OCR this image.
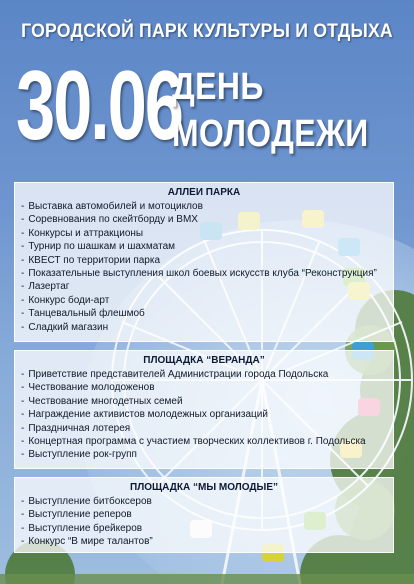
ГОРОДСКОЙ ПАРК КУЛЬТУРЫ И ОТДЫХА
30.06
ДЕНЬ
МОЛОДЕЖИ
АЛЛЕИ ПАРКА
- Выставка автомобилей и мотоциклов
- Соревнования по скейтборду и BMX
- Конкурсы и аттракционы
- Турнир по шашкам и шахматам
- КВЕСТ по территории парка
- Показательные выступления школ боевых искусств клуба “Реконструкция”
- Лазертаг
- Конкурс боди-арт
- Танцевальный флешмоб
- Сладкий магазин
ПЛОЩАДКА “ВЕРАНДА”
- Приветствие представителей Администрации города Подольска
- Чествование молодоженов
- Чествование многодетных семей
- Награждение активистов молодежных организаций
- Праздничная лотерея
- Концертная программа с участием творческих коллективов г. Подольска
- Выступление рок-групп
ПЛОЩАДКА “МЫ МОЛОДЫЕ”
- Выступление битбоксеров
- Выступление реперов
- Выступление брейкеров
- Конкурс “В мире талантов”
